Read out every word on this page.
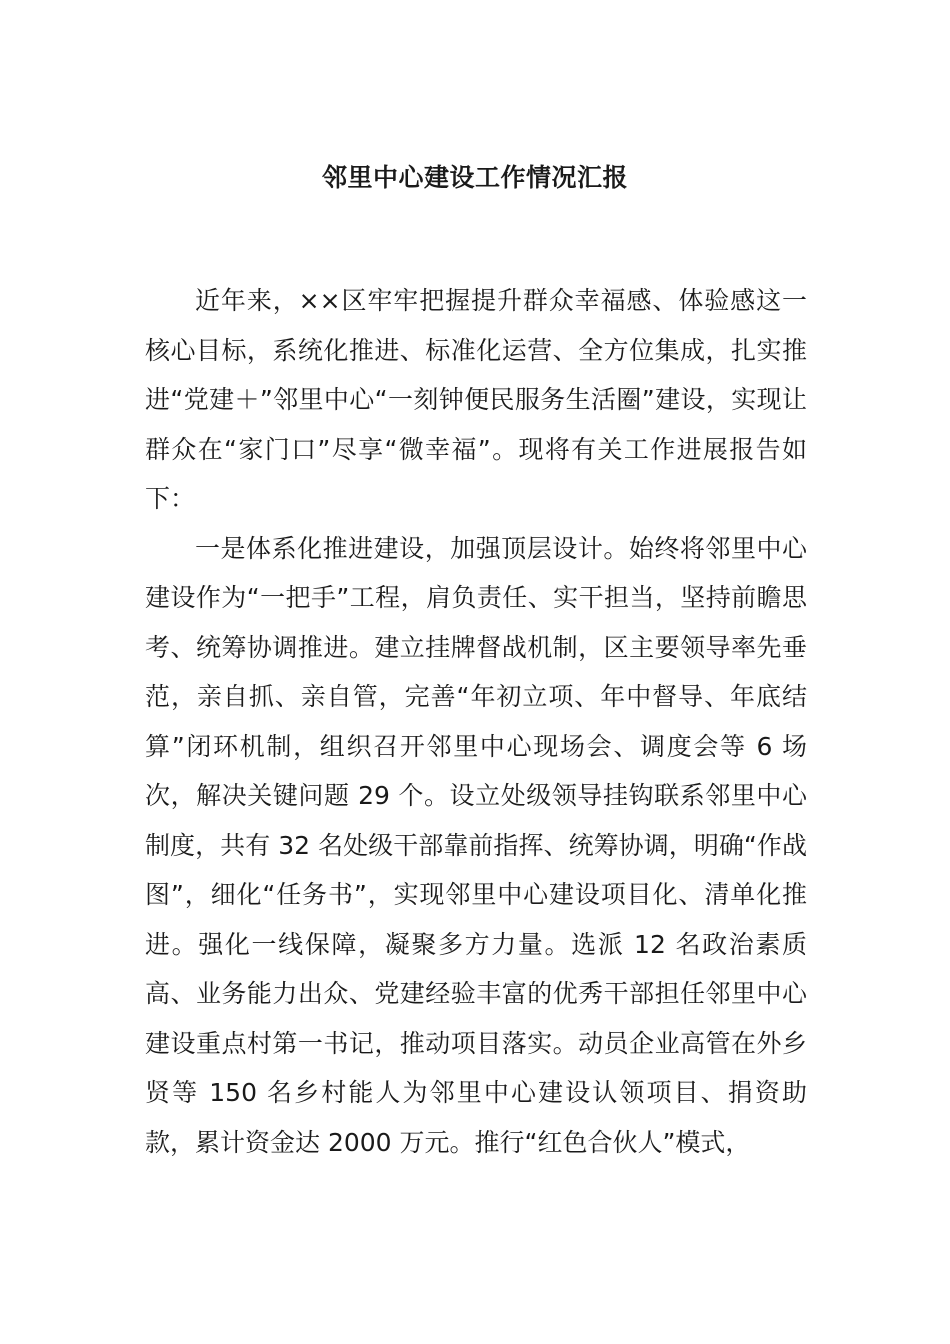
邻里中心建设工作情况汇报

近年来，××区牢牢把握提升群众幸福感、体验感这一核心目标，系统化推进、标准化运营、全方位集成，扎实推进“党建＋”邻里中心“一刻钟便民服务生活圈”建设，实现让群众在“家门口”尽享“微幸福”。现将有关工作进展报告如下：

一是体系化推进建设，加强顶层设计。始终将邻里中心建设作为“一把手”工程，肩负责任、实干担当，坚持前瞻思考、统筹协调推进。建立挂牌督战机制，区主要领导率先垂范，亲自抓、亲自管，完善“年初立项、年中督导、年底结算”闭环机制，组织召开邻里中心现场会、调度会等 6 场次，解决关键问题 29 个。设立处级领导挂钩联系邻里中心制度，共有 32 名处级干部靠前指挥、统筹协调，明确“作战图”，细化“任务书”，实现邻里中心建设项目化、清单化推进。强化一线保障，凝聚多方力量。选派 12 名政治素质高、业务能力出众、党建经验丰富的优秀干部担任邻里中心建设重点村第一书记，推动项目落实。动员企业高管在外乡贤等 150 名乡村能人为邻里中心建设认领项目、捐资助款，累计资金达 2000 万元。推行“红色合伙人”模式，
